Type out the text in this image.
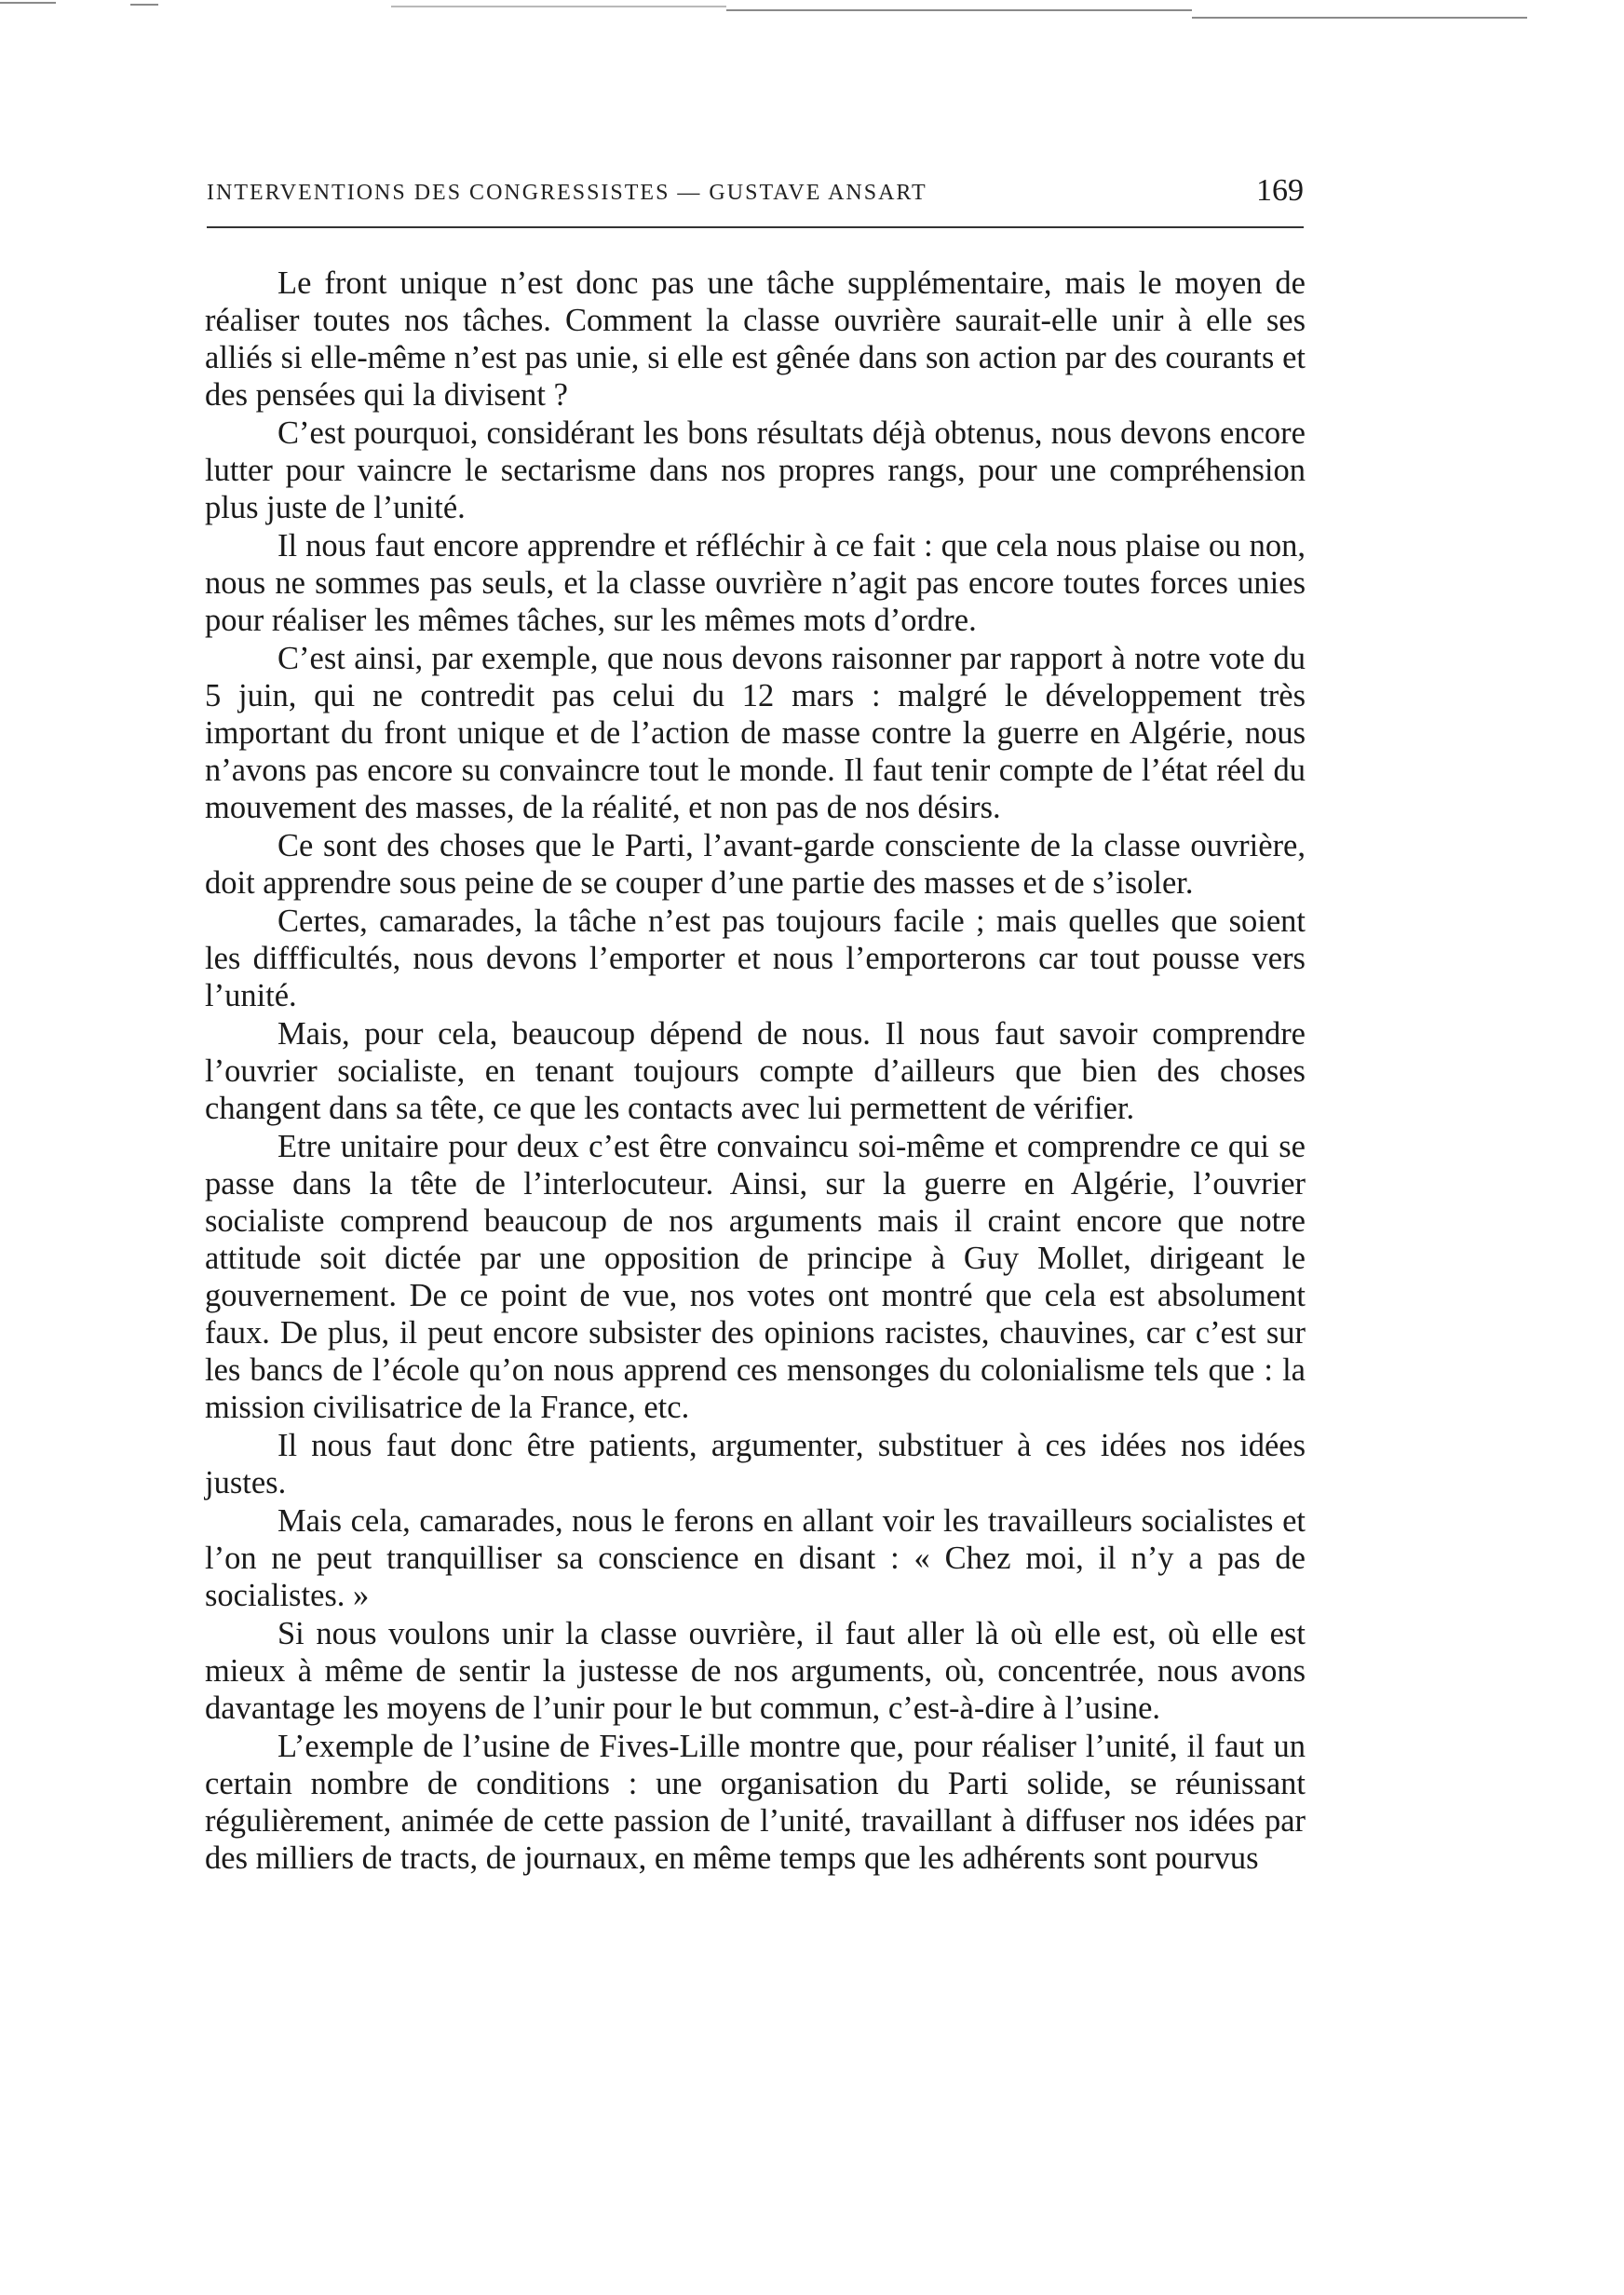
INTERVENTIONS DES CONGRESSISTES — GUSTAVE ANSART	169

Le front unique n’est donc pas une tâche supplémentaire, mais le moyen de réaliser toutes nos tâches. Comment la classe ouvrière saurait-elle unir à elle ses alliés si elle-même n’est pas unie, si elle est gênée dans son action par des courants et des pensées qui la divisent ?

C’est pourquoi, considérant les bons résultats déjà obtenus, nous devons encore lutter pour vaincre le sectarisme dans nos propres rangs, pour une compréhension plus juste de l’unité.

Il nous faut encore apprendre et réfléchir à ce fait : que cela nous plaise ou non, nous ne sommes pas seuls, et la classe ouvrière n’agit pas encore toutes forces unies pour réaliser les mêmes tâches, sur les mêmes mots d’ordre.

C’est ainsi, par exemple, que nous devons raisonner par rapport à notre vote du 5 juin, qui ne contredit pas celui du 12 mars : malgré le développement très important du front unique et de l’action de masse contre la guerre en Algérie, nous n’avons pas encore su convaincre tout le monde. Il faut tenir compte de l’état réel du mouvement des masses, de la réalité, et non pas de nos désirs.

Ce sont des choses que le Parti, l’avant-garde consciente de la classe ouvrière, doit apprendre sous peine de se couper d’une partie des masses et de s’isoler.

Certes, camarades, la tâche n’est pas toujours facile ; mais quelles que soient les diffficultés, nous devons l’emporter et nous l’emporterons car tout pousse vers l’unité.

Mais, pour cela, beaucoup dépend de nous. Il nous faut savoir comprendre l’ouvrier socialiste, en tenant toujours compte d’ailleurs que bien des choses changent dans sa tête, ce que les contacts avec lui permettent de vérifier.

Etre unitaire pour deux c’est être convaincu soi-même et comprendre ce qui se passe dans la tête de l’interlocuteur. Ainsi, sur la guerre en Algérie, l’ouvrier socialiste comprend beaucoup de nos arguments mais il craint encore que notre attitude soit dictée par une opposition de principe à Guy Mollet, dirigeant le gouvernement. De ce point de vue, nos votes ont montré que cela est absolument faux. De plus, il peut encore subsister des opinions racistes, chauvines, car c’est sur les bancs de l’école qu’on nous apprend ces mensonges du colonialisme tels que : la mission civilisatrice de la France, etc.

Il nous faut donc être patients, argumenter, substituer à ces idées nos idées justes.

Mais cela, camarades, nous le ferons en allant voir les travailleurs socialistes et l’on ne peut tranquilliser sa conscience en disant : « Chez moi, il n’y a pas de socialistes. »

Si nous voulons unir la classe ouvrière, il faut aller là où elle est, où elle est mieux à même de sentir la justesse de nos arguments, où, concentrée, nous avons davantage les moyens de l’unir pour le but commun, c’est-à-dire à l’usine.

L’exemple de l’usine de Fives-Lille montre que, pour réaliser l’unité, il faut un certain nombre de conditions : une organisation du Parti solide, se réunissant régulièrement, animée de cette passion de l’unité, travaillant à diffuser nos idées par des milliers de tracts, de journaux, en même temps que les adhérents sont pourvus
